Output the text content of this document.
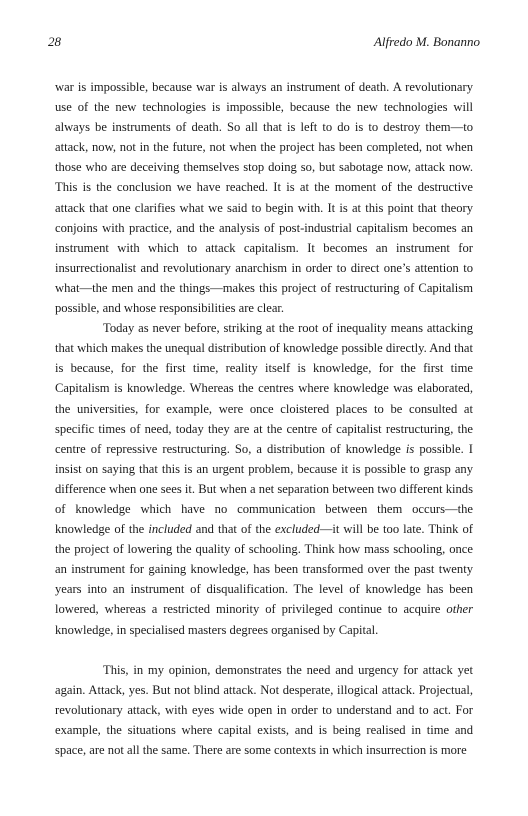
28	Alfredo M. Bonanno

war is impossible, because war is always an instrument of death. A revolutionary use of the new technologies is impossible, because the new technologies will always be instruments of death. So all that is left to do is to destroy them—to attack, now, not in the future, not when the project has been completed, not when those who are deceiving themselves stop doing so, but sabotage now, attack now. This is the conclusion we have reached. It is at the moment of the destructive attack that one clarifies what we said to begin with. It is at this point that theory conjoins with practice, and the analysis of post-industrial capitalism becomes an instrument with which to attack capitalism. It becomes an instrument for insurrectionalist and revolutionary anarchism in order to direct one’s attention to what—the men and the things—makes this project of restructuring of Capitalism possible, and whose responsibilities are clear.

Today as never before, striking at the root of inequality means attacking that which makes the unequal distribution of knowledge possible directly. And that is because, for the first time, reality itself is knowledge, for the first time Capitalism is knowledge. Whereas the centres where knowledge was elaborated, the universities, for example, were once cloistered places to be consulted at specific times of need, today they are at the centre of capitalist restructuring, the centre of repressive restructuring. So, a distribution of knowledge is possible. I insist on saying that this is an urgent problem, because it is possible to grasp any difference when one sees it. But when a net separation between two different kinds of knowledge which have no communication between them occurs—the knowledge of the included and that of the excluded—it will be too late. Think of the project of lowering the quality of schooling. Think how mass schooling, once an instrument for gaining knowledge, has been transformed over the past twenty years into an instrument of disqualification. The level of knowledge has been lowered, whereas a restricted minority of privileged continue to acquire other knowledge, in specialised masters degrees organised by Capital.

This, in my opinion, demonstrates the need and urgency for attack yet again. Attack, yes. But not blind attack. Not desperate, illogical attack. Projectual, revolutionary attack, with eyes wide open in order to understand and to act. For example, the situations where capital exists, and is being realised in time and space, are not all the same. There are some contexts in which insurrection is more
